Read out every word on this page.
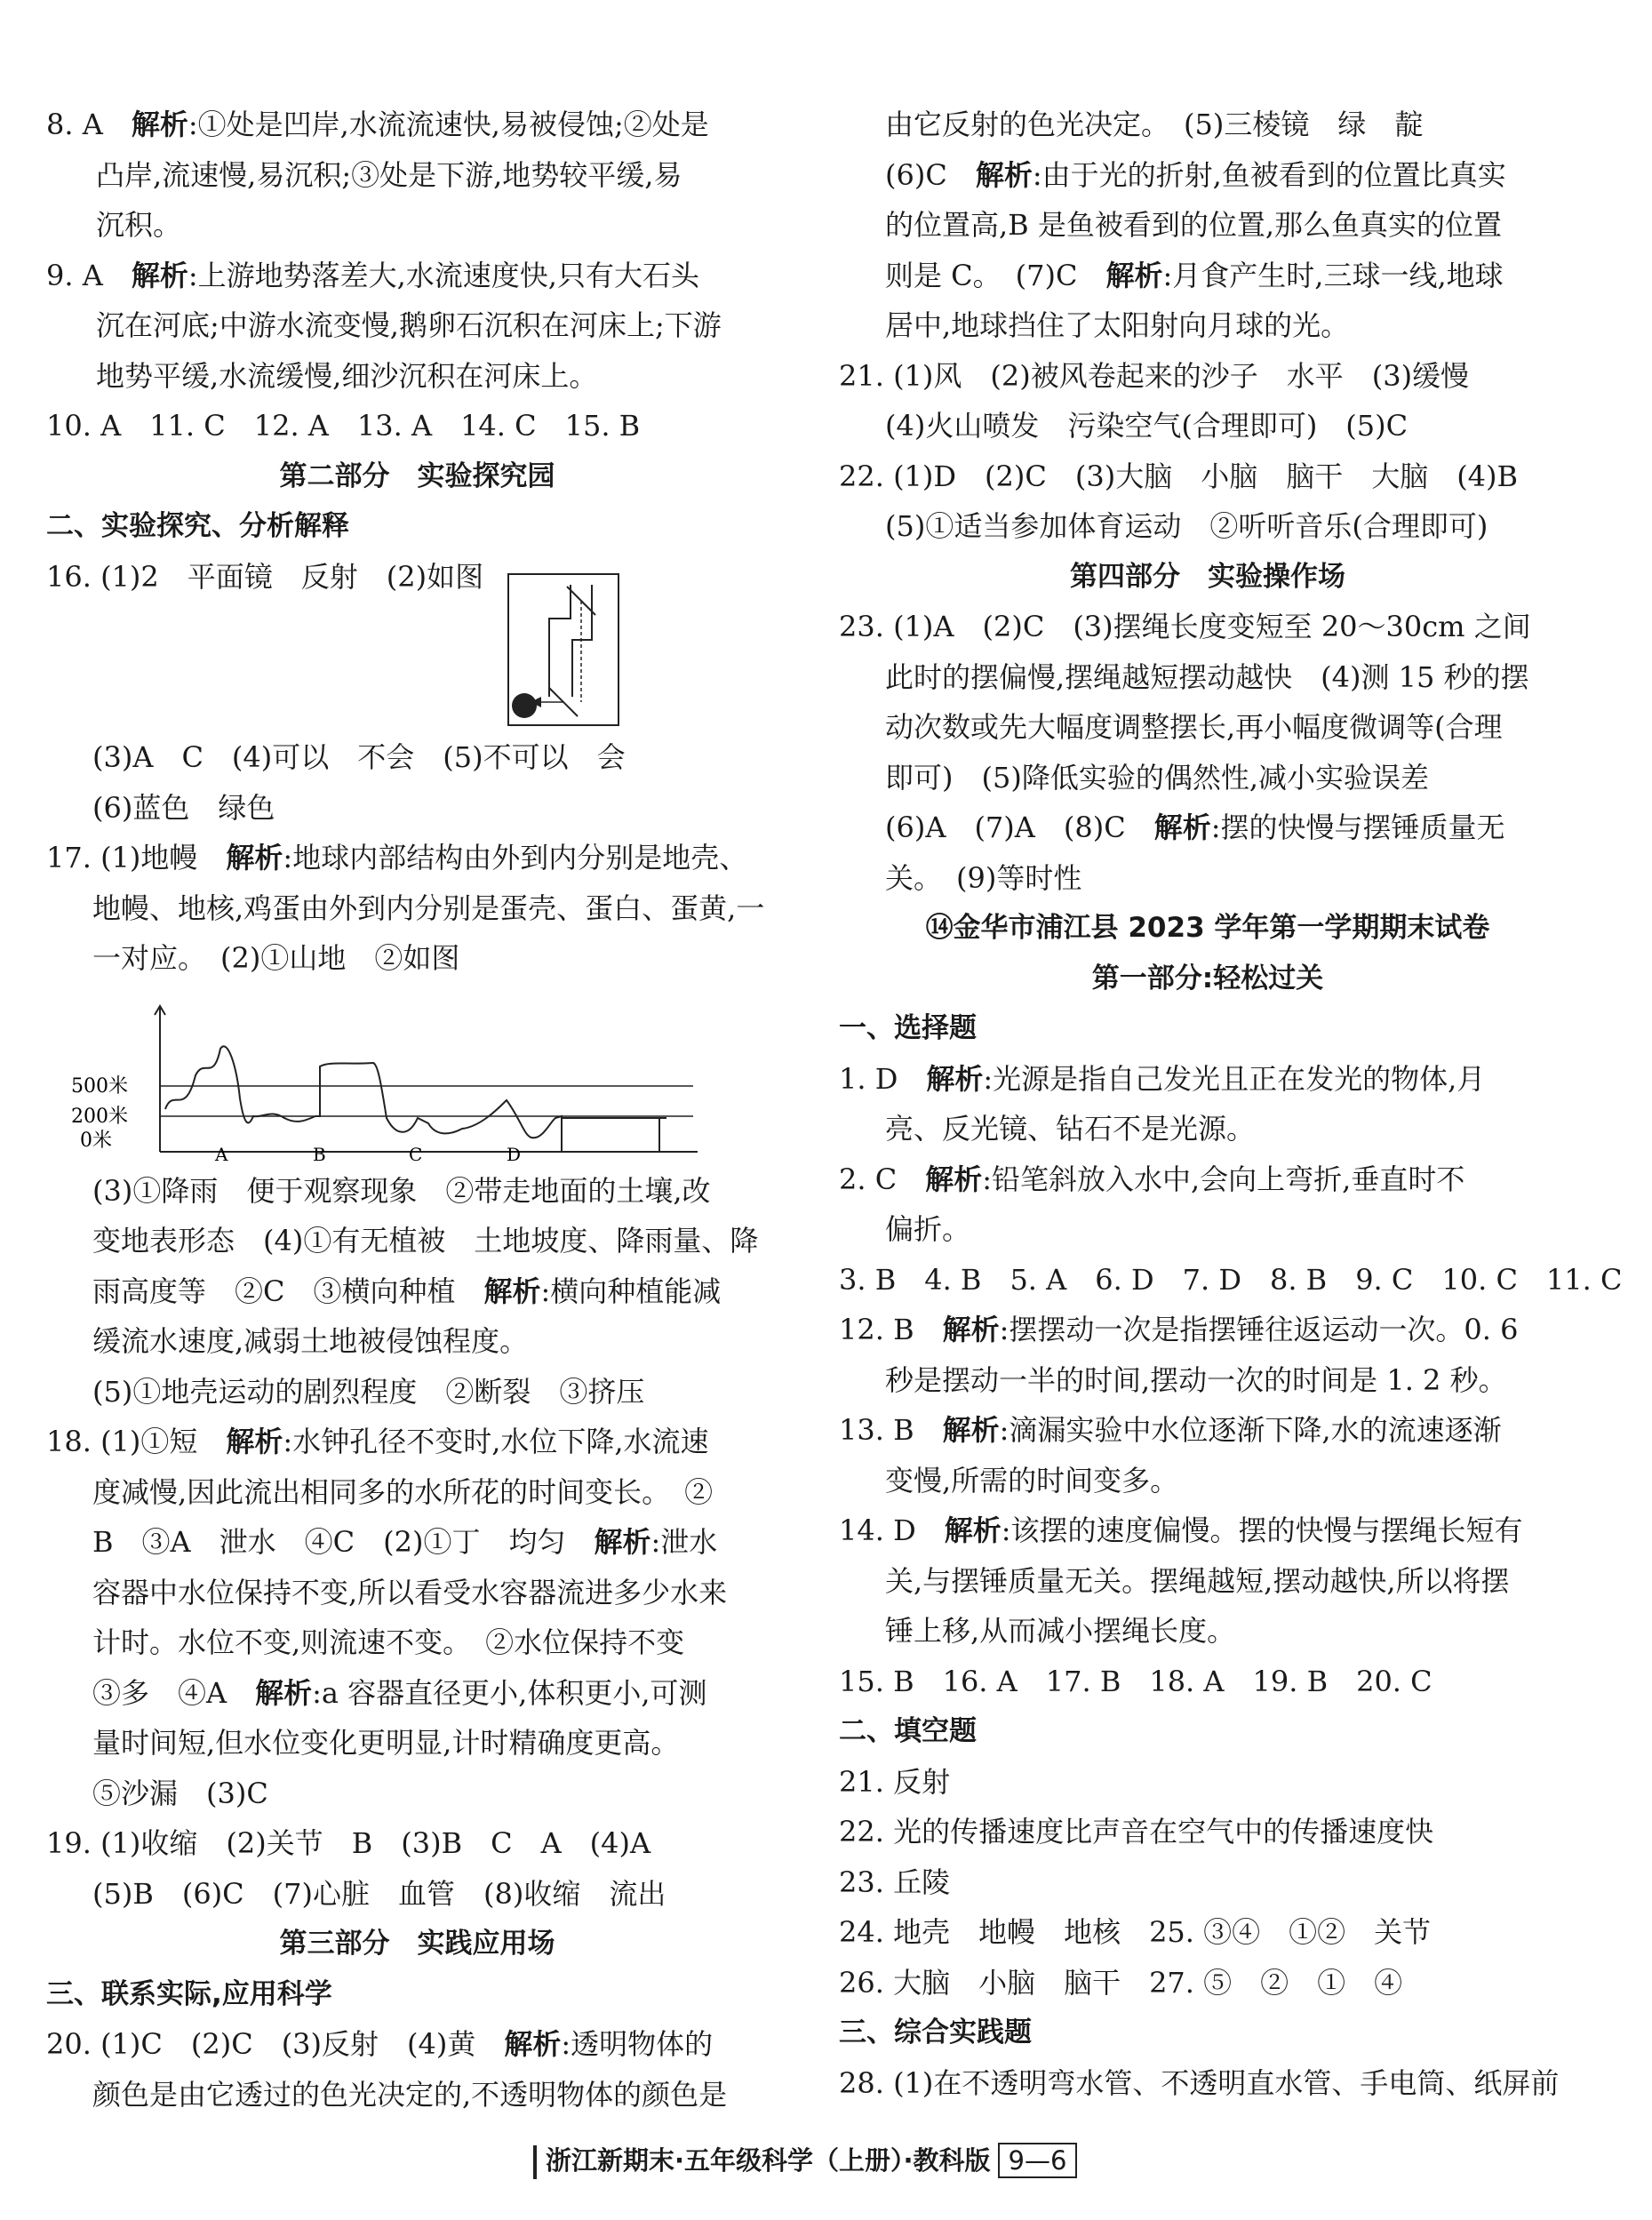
8. A　解析:①处是凹岸,水流流速快,易被侵蚀;②处是
凸岸,流速慢,易沉积;③处是下游,地势较平缓,易
沉积。
9. A　解析:上游地势落差大,水流速度快,只有大石头
沉在河底;中游水流变慢,鹅卵石沉积在河床上;下游
地势平缓,水流缓慢,细沙沉积在河床上。
10. A　11. C　12. A　13. A　14. C　15. B
第二部分　实验探究园
二、实验探究、分析解释
16. (1)2　平面镜　反射　(2)如图
(3)A　C　(4)可以　不会　(5)不可以　会
(6)蓝色　绿色
17. (1)地幔　解析:地球内部结构由外到内分别是地壳、
地幔、地核,鸡蛋由外到内分别是蛋壳、蛋白、蛋黄,一
一对应。　(2)①山地　②如图
(3)①降雨　便于观察现象　②带走地面的土壤,改
变地表形态　(4)①有无植被　土地坡度、降雨量、降
雨高度等　②C　③横向种植　解析:横向种植能减
缓流水速度,减弱土地被侵蚀程度。
(5)①地壳运动的剧烈程度　②断裂　③挤压
18. (1)①短　解析:水钟孔径不变时,水位下降,水流速
度减慢,因此流出相同多的水所花的时间变长。　②
B　③A　泄水　④C　(2)①丁　均匀　解析:泄水
容器中水位保持不变,所以看受水容器流进多少水来
计时。水位不变,则流速不变。　②水位保持不变
③多　④A　解析:a 容器直径更小,体积更小,可测
量时间短,但水位变化更明显,计时精确度更高。
⑤沙漏　(3)C
19. (1)收缩　(2)关节　B　(3)B　C　A　(4)A
(5)B　(6)C　(7)心脏　血管　(8)收缩　流出
第三部分　实践应用场
三、联系实际,应用科学
20. (1)C　(2)C　(3)反射　(4)黄　解析:透明物体的
颜色是由它透过的色光决定的,不透明物体的颜色是
500米
200米
0米
A	B	C	D
由它反射的色光决定。　(5)三棱镜　绿　靛
(6)C　解析:由于光的折射,鱼被看到的位置比真实
的位置高,B 是鱼被看到的位置,那么鱼真实的位置
则是 C。　(7)C　解析:月食产生时,三球一线,地球
居中,地球挡住了太阳射向月球的光。
21. (1)风　(2)被风卷起来的沙子　水平　(3)缓慢
(4)火山喷发　污染空气(合理即可)　(5)C
22. (1)D　(2)C　(3)大脑　小脑　脑干　大脑　(4)B
(5)①适当参加体育运动　②听听音乐(合理即可)
第四部分　实验操作场
23. (1)A　(2)C　(3)摆绳长度变短至 20～30cm 之间
此时的摆偏慢,摆绳越短摆动越快　(4)测 15 秒的摆
动次数或先大幅度调整摆长,再小幅度微调等(合理
即可)　(5)降低实验的偶然性,减小实验误差
(6)A　(7)A　(8)C　解析:摆的快慢与摆锤质量无
关。　(9)等时性
⑭金华市浦江县 2023 学年第一学期期末试卷
第一部分:轻松过关
一、选择题
1. D　解析:光源是指自己发光且正在发光的物体,月
亮、反光镜、钻石不是光源。
2. C　解析:铅笔斜放入水中,会向上弯折,垂直时不
偏折。
3. B　4. B　5. A　6. D　7. D　8. B　9. C　10. C　11. C
12. B　解析:摆摆动一次是指摆锤往返运动一次。0. 6
秒是摆动一半的时间,摆动一次的时间是 1. 2 秒。
13. B　解析:滴漏实验中水位逐渐下降,水的流速逐渐
变慢,所需的时间变多。
14. D　解析:该摆的速度偏慢。摆的快慢与摆绳长短有
关,与摆锤质量无关。摆绳越短,摆动越快,所以将摆
锤上移,从而减小摆绳长度。
15. B　16. A　17. B　18. A　19. B　20. C
二、填空题
21. 反射
22. 光的传播速度比声音在空气中的传播速度快
23. 丘陵
24. 地壳　地幔　地核　25. ③④　①②　关节
26. 大脑　小脑　脑干　27. ⑤　②　①　④
三、综合实践题
28. (1)在不透明弯水管、不透明直水管、手电筒、纸屏前
浙江新期末·五年级科学（上册）·教科版 9—6
